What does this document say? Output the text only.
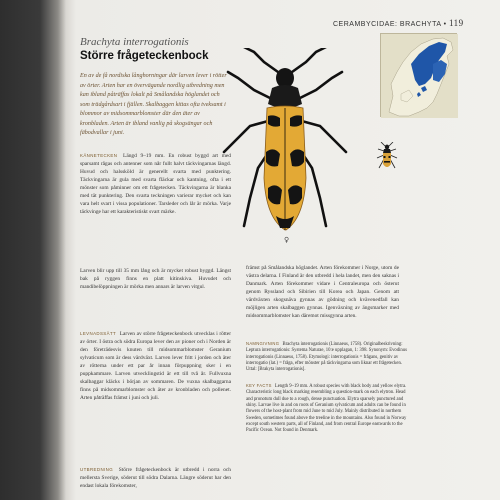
CERAMBYCIDAE: BRACHYTA • 119
Brachyta interrogationis
Större frågeteckenbock
En av de få nordiska långhorningar där larven lever i rötter av örter. Arten har en övervägande nordlig utbredning men kan ibland påträffas lokalt på Smålandska höglandet och som trädgårdsart i fjällen. Skalbaggen kittas ofta tveksamt i blommor av midsommarblomster där den äter av kronbladen. Arten är ibland vanlig på skogsängar och fäbodvallar i juni.
KÄNNETECKEN Längd 9–19 mm. En robust byggd art med sparsamt rågas och antenner som når fullt halvt täckvingarnas längd. Huvud och halssköld är generellt svarta med punktering. Täckvingarna är gula med svarta fläckar och kantning, ofta i ett mönster som påminner om ett frågetecken. Täckvingarna är blanka med tät punktering. Den svarta teckningen varierar mycket och kan vara helt svart i vissa populationer. Tarsleder och lår är mörka. Varje täckvinge har ett karakteristiskt svart märke.
Larven blir upp till 35 mm lång och är mycket robust byggd. Längst bak på ryggen finns en platt kitinskiva. Huvudet och mandibelöppningen är mörka men annars är larven vitgul.
LEVNADSSÄTT Larven av större frågeteckenbock utvecklas i rötter av örter. I östra och södra Europa lever den av pioner och i Norden är den företrädesvis knuten till midsommarblomster Geranium sylvaticum som är dess värdväxt. Larven lever fritt i jorden och äter av rötterna under ett par år innan förpuppning sker i en puppkammare. Larven utvecklingstid är ett till två år. Fullvuxna skalbaggar kläcks i början av sommaren. De vuxna skalbaggarna finns på midsommarblomster och äter av kronbladen och pollenet. Arten påträffas främst i juni och juli.
UTBREDNING Större frågeteckenbock är utbredd i norra och mellersta Sverige, söderut till södra Dalarna. Längre söderut har den endast lokala förekomster,
främst på Smålandska höglandet. Arten förekommer i Norge, utom de västra delarna. I Finland är den utbredd i hela landet, men den saknas i Danmark. Arten förekommer vidare i Centraleuropa och österut genom Ryssland och Sibirien till Korea och Japan. Genom att värdväxten skogsnäva gynnas av gödning och kvävenedfall kan möjligen arten skalbaggen gynnas. Igenväxning av ängsmarker med midsommarblomster kan däremot missgynna arten.
NAMNGIVNING Brachyta interrogationis (Linnaeus, 1758). Originalbeskrivning: Leptura interrogationis: Systema Naturae, 10:e upplagan, 1: 398. Synonym: Evodinus interrogationis (Linnaeus, 1758). Etymologi: interrogationis = frågans, genitiv av interrogatio (lat.) = fråga, efter mönster på täckvingarna som liknar ett frågetecken. Uttal: [Brakyta interrogationis].
KEY FACTS Length 9–19 mm. A robust species with black body and yellow elytra. Characteristic long black marking resembling a question-mark on each elytron. Head and pronotum dull due to a rough, dense punctuation. Elytra sparsely punctured and shiny. Larvae live in and on roots of Geranium sylvaticum and adults can be found in flowers of the host-plant from mid June to mid July. Mainly distributed in northern Sweden, sometimes found above the treeline in the mountains. Also found in Norway except south western parts, all of Finland, and from central Europe eastwards to the Pacific Ocean. Not found in Denmark.
♀
